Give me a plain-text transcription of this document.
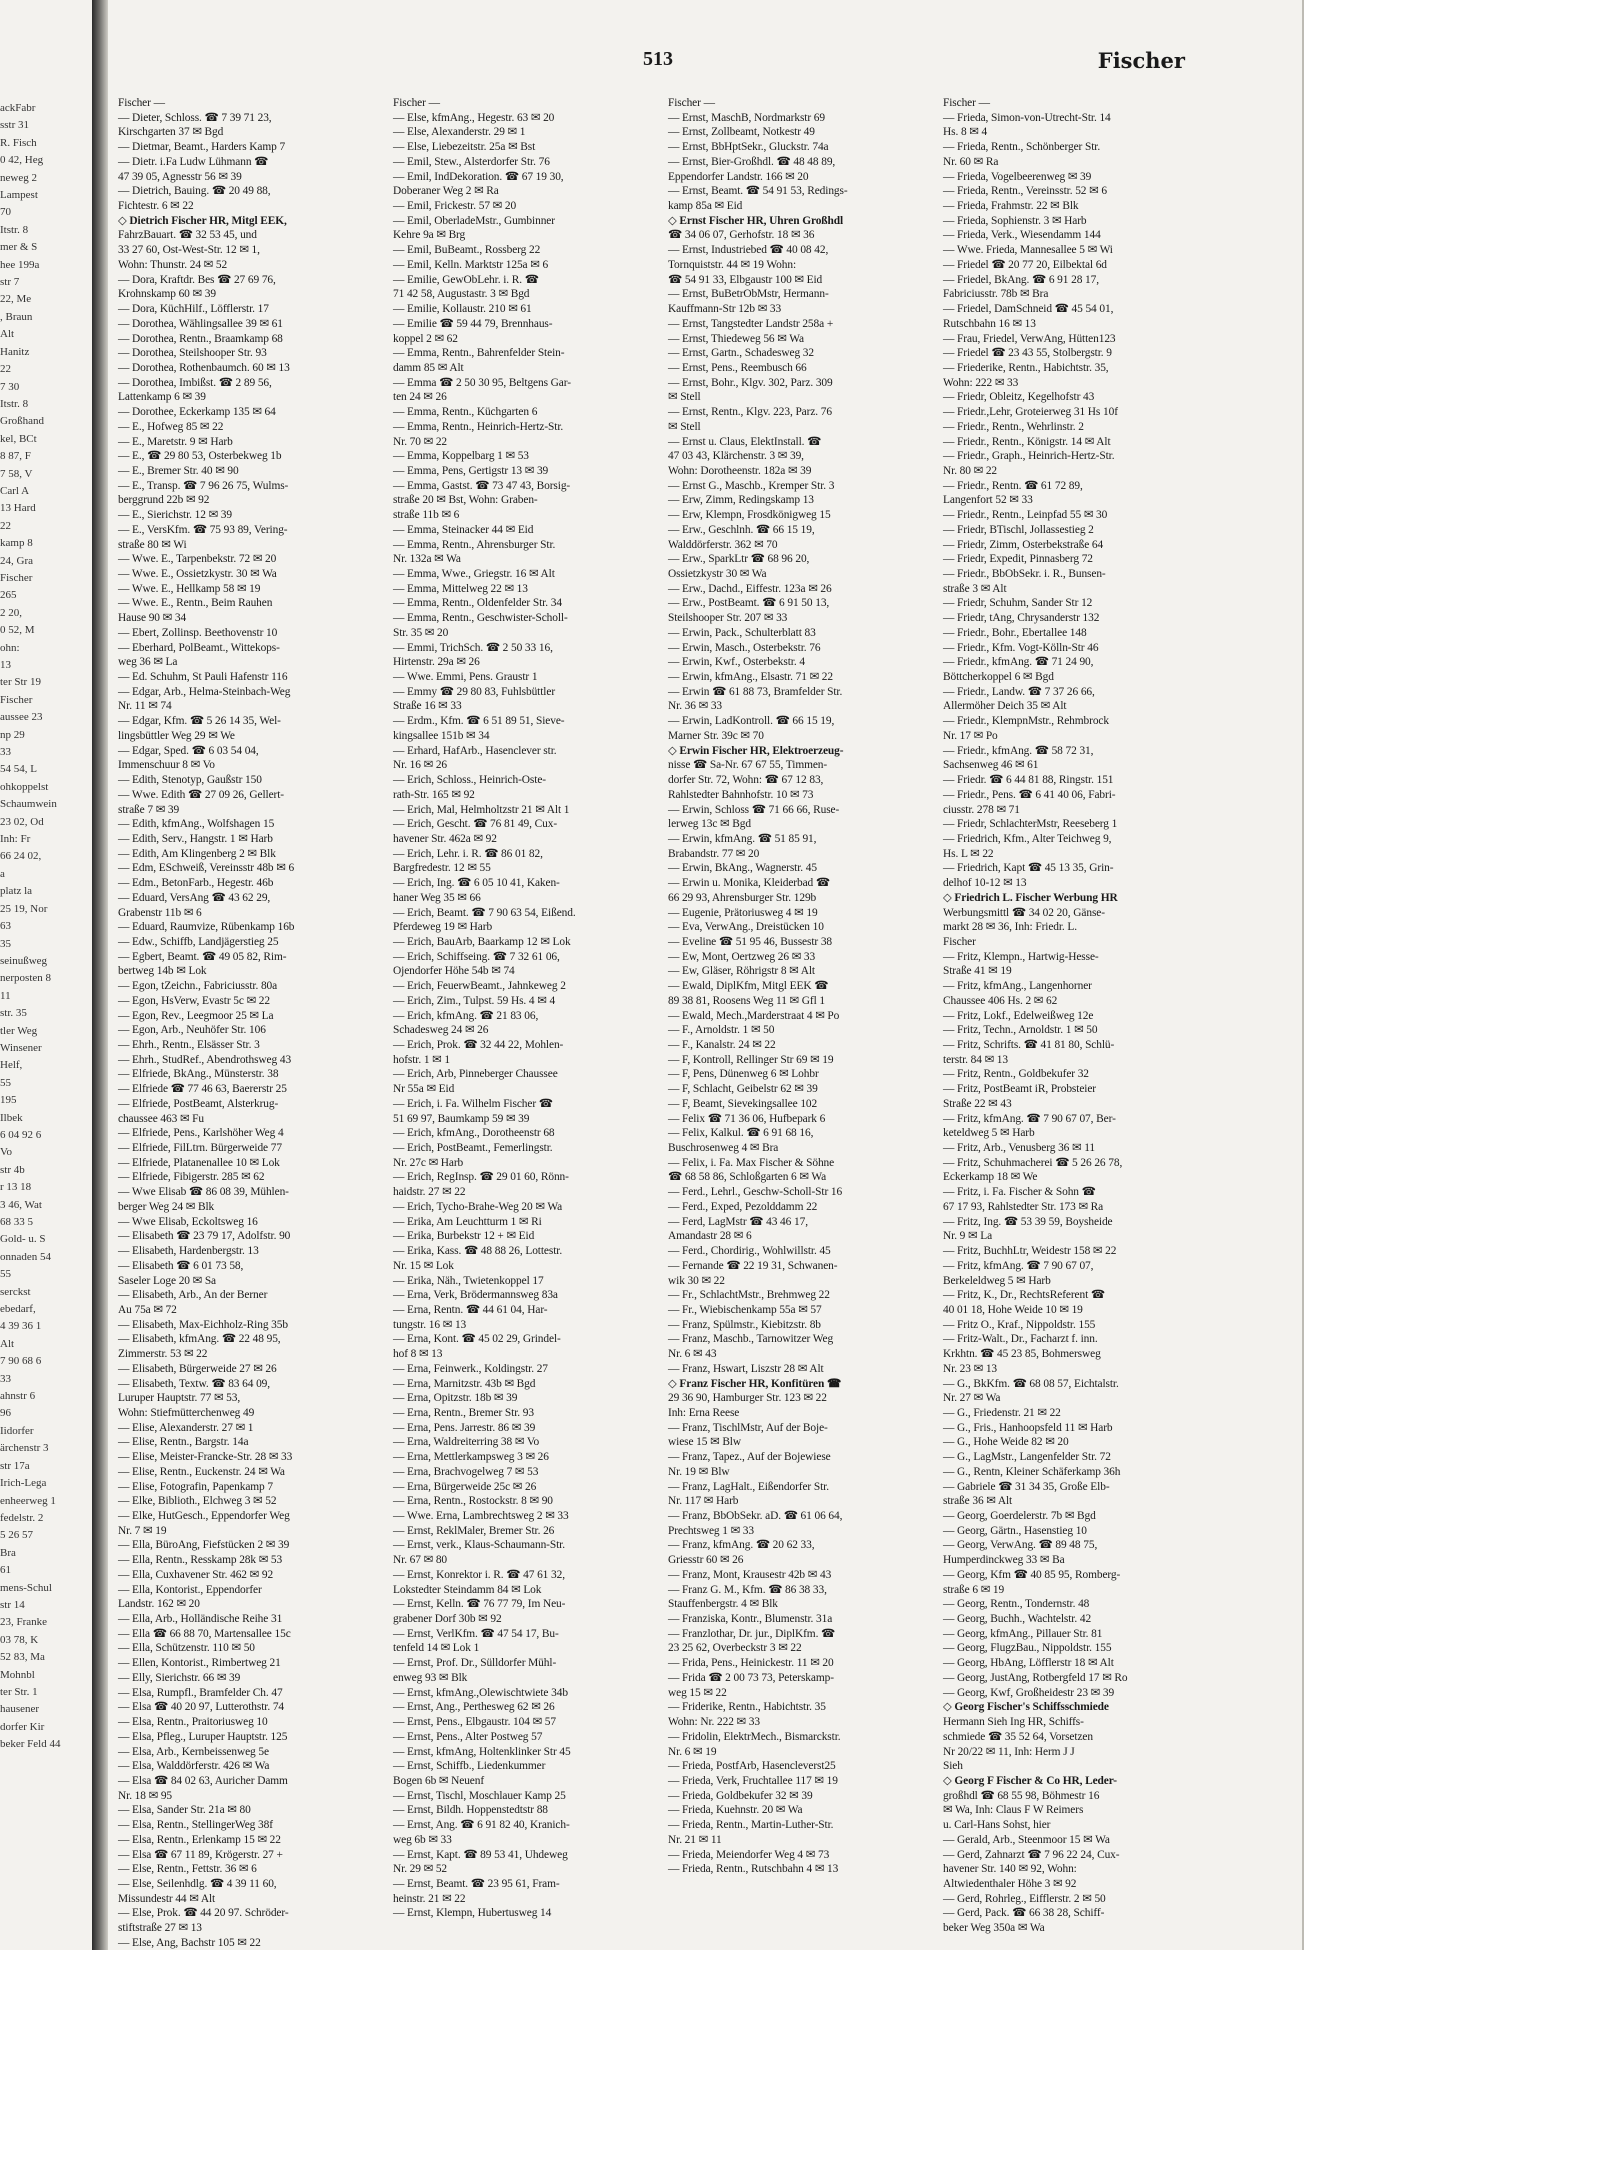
ackFabr
sstr 31
R. Fisch
0 42, Heg
neweg 2
Lampest
70
Itstr. 8
mer & S
hee 199a
str 7
22, Me
, Braun
Alt
Hanitz
22
7 30
Itstr. 8
Großhand
kel, BCt
8 87, F
7 58, V
Carl A
13 Hard
22
kamp 8
24, Gra
Fischer
265
2 20,
0 52, M
ohn:
13
ter Str 19
Fischer
aussee 23
np 29
33
54 54, L
ohkoppelst
Schaumwein
23 02, Od
Inh: Fr
66 24 02,
a
platz la
25 19, Nor
63
35
seinußweg
nerposten 8
11
str. 35
tler Weg
Winsener
Helf,
55
195
Ilbek
6 04 92 6
Vo
str 4b
r 13 18
3 46, Wat
68 33 5
Gold- u. S
onnaden 54
55
serckst
ebedarf,
4 39 36 1
Alt
7 90 68 6
33
ahnstr 6
96
Iidorfer
ärchenstr 3
str 17a
Irich-Lega
enheerweg 1
fedelstr. 2
5 26 57
Bra
61
mens-Schul
str 14
23, Franke
03 78, K
52 83, Ma
Mohnbl
ter Str. 1
hausener
dorfer Kir
beker Feld 44
513	Fischer
Fischer —
— Dieter, Schloss. ☎ 7 39 71 23,
Kirschgarten 37 ✉ Bgd
— Dietmar, Beamt., Harders Kamp 7
— Dietr. i.Fa Ludw Lühmann ☎
47 39 05, Agnesstr 56 ✉ 39
— Dietrich, Bauing. ☎ 20 49 88,
Fichtestr. 6 ✉ 22
◇ Dietrich Fischer HR, Mitgl EEK,
FahrzBauart. ☎ 32 53 45, und
33 27 60, Ost-West-Str. 12 ✉ 1,
Wohn: Thunstr. 24 ✉ 52
— Dora, Kraftdr. Bes ☎ 27 69 76,
Krohnskamp 60 ✉ 39
— Dora, KüchHilf., Löfflerstr. 17
— Dorothea, Wählingsallee 39 ✉ 61
— Dorothea, Rentn., Braamkamp 68
— Dorothea, Steilshooper Str. 93
— Dorothea, Rothenbaumch. 60 ✉ 13
— Dorothea, Imbißst. ☎ 2 89 56,
Lattenkamp 6 ✉ 39
— Dorothee, Eckerkamp 135 ✉ 64
— E., Hofweg 85 ✉ 22
— E., Maretstr. 9 ✉ Harb
— E., ☎ 29 80 53, Osterbekweg 1b
— E., Bremer Str. 40 ✉ 90
— E., Transp. ☎ 7 96 26 75, Wulms-
berggrund 22b ✉ 92
— E., Sierichstr. 12 ✉ 39
— E., VersKfm. ☎ 75 93 89, Vering-
straße 80 ✉ Wi
— Wwe. E., Tarpenbekstr. 72 ✉ 20
— Wwe. E., Ossietzkystr. 30 ✉ Wa
— Wwe. E., Hellkamp 58 ✉ 19
— Wwe. E., Rentn., Beim Rauhen
Hause 90 ✉ 34
— Ebert, Zollinsp. Beethovenstr 10
— Eberhard, PolBeamt., Wittekops-
weg 36 ✉ La
— Ed. Schuhm, St Pauli Hafenstr 116
— Edgar, Arb., Helma-Steinbach-Weg
Nr. 11 ✉ 74
— Edgar, Kfm. ☎ 5 26 14 35, Wel-
lingsbüttler Weg 29 ✉ We
— Edgar, Sped. ☎ 6 03 54 04,
Immenschuur 8 ✉ Vo
— Edith, Stenotyp, Gaußstr 150
— Wwe. Edith ☎ 27 09 26, Gellert-
straße 7 ✉ 39
— Edith, kfmAng., Wolfshagen 15
— Edith, Serv., Hangstr. 1 ✉ Harb
— Edith, Am Klingenberg 2 ✉ Blk
— Edm, ESchweiß, Vereinsstr 48b ✉ 6
— Edm., BetonFarb., Hegestr. 46b
— Eduard, VersAng ☎ 43 62 29,
Grabenstr 11b ✉ 6
— Eduard, Raumvize, Rübenkamp 16b
— Edw., Schiffb, Landjägerstieg 25
— Egbert, Beamt. ☎ 49 05 82, Rim-
bertweg 14b ✉ Lok
— Egon, tZeichn., Fabriciusstr. 80a
— Egon, HsVerw, Evastr 5c ✉ 22
— Egon, Rev., Leegmoor 25 ✉ La
— Egon, Arb., Neuhöfer Str. 106
— Ehrh., Rentn., Elsässer Str. 3
— Ehrh., StudRef., Abendrothsweg 43
— Elfriede, BkAng., Münsterstr. 38
— Elfriede ☎ 77 46 63, Baererstr 25
— Elfriede, PostBeamt, Alsterkrug-
chaussee 463 ✉ Fu
— Elfriede, Pens., Karlshöher Weg 4
— Elfriede, FilLtrn. Bürgerweide 77
— Elfriede, Platanenallee 10 ✉ Lok
— Elfriede, Fibigerstr. 285 ✉ 62
— Wwe Elisab ☎ 86 08 39, Mühlen-
berger Weg 24 ✉ Blk
— Wwe Elisab, Eckoltsweg 16
— Elisabeth ☎ 23 79 17, Adolfstr. 90
— Elisabeth, Hardenbergstr. 13
— Elisabeth ☎ 6 01 73 58,
Saseler Loge 20 ✉ Sa
— Elisabeth, Arb., An der Berner
Au 75a ✉ 72
— Elisabeth, Max-Eichholz-Ring 35b
— Elisabeth, kfmAng. ☎ 22 48 95,
Zimmerstr. 53 ✉ 22
— Elisabeth, Bürgerweide 27 ✉ 26
— Elisabeth, Textw. ☎ 83 64 09,
Luruper Hauptstr. 77 ✉ 53,
Wohn: Stiefmütterchenweg 49
— Elise, Alexanderstr. 27 ✉ 1
— Elise, Rentn., Bargstr. 14a
— Elise, Meister-Francke-Str. 28 ✉ 33
— Elise, Rentn., Euckenstr. 24 ✉ Wa
— Elise, Fotografin, Papenkamp 7
— Elke, Biblioth., Elchweg 3 ✉ 52
— Elke, HutGesch., Eppendorfer Weg
Nr. 7 ✉ 19
— Ella, BüroAng, Fiefstücken 2 ✉ 39
— Ella, Rentn., Resskamp 28k ✉ 53
— Ella, Cuxhavener Str. 462 ✉ 92
— Ella, Kontorist., Eppendorfer
Landstr. 162 ✉ 20
— Ella, Arb., Holländische Reihe 31
— Ella ☎ 66 88 70, Martensallee 15c
— Ella, Schützenstr. 110 ✉ 50
— Ellen, Kontorist., Rimbertweg 21
— Elly, Sierichstr. 66 ✉ 39
— Elsa, Rumpfl., Bramfelder Ch. 47
— Elsa ☎ 40 20 97, Lutterothstr. 74
— Elsa, Rentn., Praitoriusweg 10
— Elsa, Pfleg., Luruper Hauptstr. 125
— Elsa, Arb., Kernbeissenweg 5e
— Elsa, Walddörferstr. 426 ✉ Wa
— Elsa ☎ 84 02 63, Auricher Damm
Nr. 18 ✉ 95
— Elsa, Sander Str. 21a ✉ 80
— Elsa, Rentn., StellingerWeg 38f
— Elsa, Rentn., Erlenkamp 15 ✉ 22
— Elsa ☎ 67 11 89, Krögerstr. 27 +
— Else, Rentn., Fettstr. 36 ✉ 6
— Else, Seilenhdlg. ☎ 4 39 11 60,
Missundestr 44 ✉ Alt
— Else, Prok. ☎ 44 20 97. Schröder-
stiftstraße 27 ✉ 13
— Else, Ang, Bachstr 105 ✉ 22
Fischer —
— Else, kfmAng., Hegestr. 63 ✉ 20
— Else, Alexanderstr. 29 ✉ 1
— Else, Liebezeitstr. 25a ✉ Bst
— Emil, Stew., Alsterdorfer Str. 76
— Emil, IndDekoration. ☎ 67 19 30,
Doberaner Weg 2 ✉ Ra
— Emil, Frickestr. 57 ✉ 20
— Emil, OberladeMstr., Gumbinner
Kehre 9a ✉ Brg
— Emil, BuBeamt., Rossberg 22
— Emil, Kelln. Marktstr 125a ✉ 6
— Emilie, GewObLehr. i. R. ☎
71 42 58, Augustastr. 3 ✉ Bgd
— Emilie, Kollaustr. 210 ✉ 61
— Emilie ☎ 59 44 79, Brennhaus-
koppel 2 ✉ 62
— Emma, Rentn., Bahrenfelder Stein-
damm 85 ✉ Alt
— Emma ☎ 2 50 30 95, Beltgens Gar-
ten 24 ✉ 26
— Emma, Rentn., Küchgarten 6
— Emma, Rentn., Heinrich-Hertz-Str.
Nr. 70 ✉ 22
— Emma, Koppelbarg 1 ✉ 53
— Emma, Pens, Gertigstr 13 ✉ 39
— Emma, Gastst. ☎ 73 47 43, Borsig-
straße 20 ✉ Bst, Wohn: Graben-
straße 11b ✉ 6
— Emma, Steinacker 44 ✉ Eid
— Emma, Rentn., Ahrensburger Str.
Nr. 132a ✉ Wa
— Emma, Wwe., Griegstr. 16 ✉ Alt
— Emma, Mittelweg 22 ✉ 13
— Emma, Rentn., Oldenfelder Str. 34
— Emma, Rentn., Geschwister-Scholl-
Str. 35 ✉ 20
— Emmi, TrichSch. ☎ 2 50 33 16,
Hirtenstr. 29a ✉ 26
— Wwe. Emmi, Pens. Graustr 1
— Emmy ☎ 29 80 83, Fuhlsbüttler
Straße 16 ✉ 33
— Erdm., Kfm. ☎ 6 51 89 51, Sieve-
kingsallee 151b ✉ 34
— Erhard, HafArb., Hasenclever str.
Nr. 16 ✉ 26
— Erich, Schloss., Heinrich-Oste-
rath-Str. 165 ✉ 92
— Erich, Mal, Helmholtzstr 21 ✉ Alt 1
— Erich, Gescht. ☎ 76 81 49, Cux-
havener Str. 462a ✉ 92
— Erich, Lehr. i. R. ☎ 86 01 82,
Bargfredestr. 12 ✉ 55
— Erich, Ing. ☎ 6 05 10 41, Kaken-
haner Weg 35 ✉ 66
— Erich, Beamt. ☎ 7 90 63 54, Eißend.
Pferdeweg 19 ✉ Harb
— Erich, BauArb, Baarkamp 12 ✉ Lok
— Erich, Schiffseing. ☎ 7 32 61 06,
Ojendorfer Höhe 54b ✉ 74
— Erich, FeuerwBeamt., Jahnkeweg 2
— Erich, Zim., Tulpst. 59 Hs. 4 ✉ 4
— Erich, kfmAng. ☎ 21 83 06,
Schadesweg 24 ✉ 26
— Erich, Prok. ☎ 32 44 22, Mohlen-
hofstr. 1 ✉ 1
— Erich, Arb, Pinneberger Chaussee
Nr 55a ✉ Eid
— Erich, i. Fa. Wilhelm Fischer ☎
51 69 97, Baumkamp 59 ✉ 39
— Erich, kfmAng., Dorotheenstr 68
— Erich, PostBeamt., Femerlingstr.
Nr. 27c ✉ Harb
— Erich, RegInsp. ☎ 29 01 60, Rönn-
haidstr. 27 ✉ 22
— Erich, Tycho-Brahe-Weg 20 ✉ Wa
— Erika, Am Leuchtturm 1 ✉ Ri
— Erika, Burbekstr 12 + ✉ Eid
— Erika, Kass. ☎ 48 88 26, Lottestr.
Nr. 15 ✉ Lok
— Erika, Näh., Twietenkoppel 17
— Erna, Verk, Brödermannsweg 83a
— Erna, Rentn. ☎ 44 61 04, Har-
tungstr. 16 ✉ 13
— Erna, Kont. ☎ 45 02 29, Grindel-
hof 8 ✉ 13
— Erna, Feinwerk., Koldingstr. 27
— Erna, Marnitzstr. 43b ✉ Bgd
— Erna, Opitzstr. 18b ✉ 39
— Erna, Rentn., Bremer Str. 93
— Erna, Pens. Jarrestr. 86 ✉ 39
— Erna, Waldreiterring 38 ✉ Vo
— Erna, Mettlerkampsweg 3 ✉ 26
— Erna, Brachvogelweg 7 ✉ 53
— Erna, Bürgerweide 25c ✉ 26
— Erna, Rentn., Rostockstr. 8 ✉ 90
— Wwe. Erna, Lambrechtsweg 2 ✉ 33
— Ernst, ReklMaler, Bremer Str. 26
— Ernst, verk., Klaus-Schaumann-Str.
Nr. 67 ✉ 80
— Ernst, Konrektor i. R. ☎ 47 61 32,
Lokstedter Steindamm 84 ✉ Lok
— Ernst, Kelln. ☎ 76 77 79, Im Neu-
grabener Dorf 30b ✉ 92
— Ernst, VerlKfm. ☎ 47 54 17, Bu-
tenfeld 14 ✉ Lok 1
— Ernst, Prof. Dr., Sülldorfer Mühl-
enweg 93 ✉ Blk
— Ernst, kfmAng.,Olewischtwiete 34b
— Ernst, Ang., Perthesweg 62 ✉ 26
— Ernst, Pens., Elbgaustr. 104 ✉ 57
— Ernst, Pens., Alter Postweg 57
— Ernst, kfmAng, Holtenklinker Str 45
— Ernst, Schiffb., Liedenkummer
Bogen 6b ✉ Neuenf
— Ernst, Tischl, Moschlauer Kamp 25
— Ernst, Bildh. Hoppenstedtstr 88
— Ernst, Ang. ☎ 6 91 82 40, Kranich-
weg 6b ✉ 33
— Ernst, Kapt. ☎ 89 53 41, Uhdeweg
Nr. 29 ✉ 52
— Ernst, Beamt. ☎ 23 95 61, Fram-
heinstr. 21 ✉ 22
— Ernst, Klempn, Hubertusweg 14
Fischer —
— Ernst, MaschB, Nordmarkstr 69
— Ernst, Zollbeamt, Notkestr 49
— Ernst, BbHptSekr., Gluckstr. 74a
— Ernst, Bier-Großhdl. ☎ 48 48 89,
Eppendorfer Landstr. 166 ✉ 20
— Ernst, Beamt. ☎ 54 91 53, Redings-
kamp 85a ✉ Eid
◇ Ernst Fischer HR, Uhren Großhdl
☎ 34 06 07, Gerhofstr. 18 ✉ 36
— Ernst, Industriebed ☎ 40 08 42,
Tornquiststr. 44 ✉ 19 Wohn:
☎ 54 91 33, Elbgaustr 100 ✉ Eid
— Ernst, BuBetrObMstr, Hermann-
Kauffmann-Str 12b ✉ 33
— Ernst, Tangstedter Landstr 258a +
— Ernst, Thiedeweg 56 ✉ Wa
— Ernst, Gartn., Schadesweg 32
— Ernst, Pens., Reembusch 66
— Ernst, Bohr., Klgv. 302, Parz. 309
✉ Stell
— Ernst, Rentn., Klgv. 223, Parz. 76
✉ Stell
— Ernst u. Claus, ElektInstall. ☎
47 03 43, Klärchenstr. 3 ✉ 39,
Wohn: Dorotheenstr. 182a ✉ 39
— Ernst G., Maschb., Kremper Str. 3
— Erw, Zimm, Redingskamp 13
— Erw, Klempn, Frosdkönigweg 15
— Erw., Geschlnh. ☎ 66 15 19,
Walddörferstr. 362 ✉ 70
— Erw., SparkLtr ☎ 68 96 20,
Ossietzkystr 30 ✉ Wa
— Erw., Dachd., Eiffestr. 123a ✉ 26
— Erw., PostBeamt. ☎ 6 91 50 13,
Steilshooper Str. 207 ✉ 33
— Erwin, Pack., Schulterblatt 83
— Erwin, Masch., Osterbekstr. 76
— Erwin, Kwf., Osterbekstr. 4
— Erwin, kfmAng., Elsastr. 71 ✉ 22
— Erwin ☎ 61 88 73, Bramfelder Str.
Nr. 36 ✉ 33
— Erwin, LadKontroll. ☎ 66 15 19,
Marner Str. 39c ✉ 70
◇ Erwin Fischer HR, Elektroerzeug-
nisse ☎ Sa-Nr. 67 67 55, Timmen-
dorfer Str. 72, Wohn: ☎ 67 12 83,
Rahlstedter Bahnhofstr. 10 ✉ 73
— Erwin, Schloss ☎ 71 66 66, Ruse-
lerweg 13c ✉ Bgd
— Erwin, kfmAng. ☎ 51 85 91,
Brabandstr. 77 ✉ 20
— Erwin, BkAng., Wagnerstr. 45
— Erwin u. Monika, Kleiderbad ☎
66 29 93, Ahrensburger Str. 129b
— Eugenie, Prätoriusweg 4 ✉ 19
— Eva, VerwAng., Dreistücken 10
— Eveline ☎ 51 95 46, Bussestr 38
— Ew, Mont, Oertzweg 26 ✉ 33
— Ew, Gläser, Röhrigstr 8 ✉ Alt
— Ewald, DiplKfm, Mitgl EEK ☎
89 38 81, Roosens Weg 11 ✉ Gfl 1
— Ewald, Mech.,Marderstraat 4 ✉ Po
— F., Arnoldstr. 1 ✉ 50
— F., Kanalstr. 24 ✉ 22
— F, Kontroll, Rellinger Str 69 ✉ 19
— F, Pens, Dünenweg 6 ✉ Lohbr
— F, Schlacht, Geibelstr 62 ✉ 39
— F, Beamt, Sievekingsallee 102
— Felix ☎ 71 36 06, Hufbepark 6
— Felix, Kalkul. ☎ 6 91 68 16,
Buschrosenweg 4 ✉ Bra
— Felix, i. Fa. Max Fischer & Söhne
☎ 68 58 86, Schloßgarten 6 ✉ Wa
— Ferd., Lehrl., Geschw-Scholl-Str 16
— Ferd., Exped, Pezolddamm 22
— Ferd, LagMstr ☎ 43 46 17,
Amandastr 28 ✉ 6
— Ferd., Chordirig., Wohlwillstr. 45
— Fernande ☎ 22 19 31, Schwanen-
wik 30 ✉ 22
— Fr., SchlachtMstr., Brehmweg 22
— Fr., Wiebischenkamp 55a ✉ 57
— Franz, Spülmstr., Kiebitzstr. 8b
— Franz, Maschb., Tarnowitzer Weg
Nr. 6 ✉ 43
— Franz, Hswart, Liszstr 28 ✉ Alt
◇ Franz Fischer HR, Konfitüren ☎
29 36 90, Hamburger Str. 123 ✉ 22
Inh: Erna Reese
— Franz, TischlMstr, Auf der Boje-
wiese 15 ✉ Blw
— Franz, Tapez., Auf der Bojewiese
Nr. 19 ✉ Blw
— Franz, LagHalt., Eißendorfer Str.
Nr. 117 ✉ Harb
— Franz, BbObSekr. aD. ☎ 61 06 64,
Prechtsweg 1 ✉ 33
— Franz, kfmAng. ☎ 20 62 33,
Griesstr 60 ✉ 26
— Franz, Mont, Krausestr 42b ✉ 43
— Franz G. M., Kfm. ☎ 86 38 33,
Stauffenbergstr. 4 ✉ Blk
— Franziska, Kontr., Blumenstr. 31a
— Franzlothar, Dr. jur., DiplKfm. ☎
23 25 62, Overbeckstr 3 ✉ 22
— Frida, Pens., Heinickestr. 11 ✉ 20
— Frida ☎ 2 00 73 73, Peterskamp-
weg 15 ✉ 22
— Friderike, Rentn., Habichtstr. 35
Wohn: Nr. 222 ✉ 33
— Fridolin, ElektrMech., Bismarckstr.
Nr. 6 ✉ 19
— Frieda, PostfArb, Hasencleverst25
— Frieda, Verk, Fruchtallee 117 ✉ 19
— Frieda, Goldbekufer 32 ✉ 39
— Frieda, Kuehnstr. 20 ✉ Wa
— Frieda, Rentn., Martin-Luther-Str.
Nr. 21 ✉ 11
— Frieda, Meiendorfer Weg 4 ✉ 73
— Frieda, Rentn., Rutschbahn 4 ✉ 13
Fischer —
— Frieda, Simon-von-Utrecht-Str. 14
Hs. 8 ✉ 4
— Frieda, Rentn., Schönberger Str.
Nr. 60 ✉ Ra
— Frieda, Vogelbeerenweg ✉ 39
— Frieda, Rentn., Vereinsstr. 52 ✉ 6
— Frieda, Frahmstr. 22 ✉ Blk
— Frieda, Sophienstr. 3 ✉ Harb
— Frieda, Verk., Wiesendamm 144
— Wwe. Frieda, Mannesallee 5 ✉ Wi
— Friedel ☎ 20 77 20, Eilbektal 6d
— Friedel, BkAng. ☎ 6 91 28 17,
Fabriciusstr. 78b ✉ Bra
— Friedel, DamSchneid ☎ 45 54 01,
Rutschbahn 16 ✉ 13
— Frau, Friedel, VerwAng, Hütten123
— Friedel ☎ 23 43 55, Stolbergstr. 9
— Friederike, Rentn., Habichtstr. 35,
Wohn: 222 ✉ 33
— Friedr, Obleitz, Kegelhofstr 43
— Friedr.,Lehr, Groteierweg 31 Hs 10f
— Friedr., Rentn., Wehrlinstr. 2
— Friedr., Rentn., Königstr. 14 ✉ Alt
— Friedr., Graph., Heinrich-Hertz-Str.
Nr. 80 ✉ 22
— Friedr., Rentn. ☎ 61 72 89,
Langenfort 52 ✉ 33
— Friedr., Rentn., Leinpfad 55 ✉ 30
— Friedr, BTischl, Jollassestieg 2
— Friedr, Zimm, Osterbekstraße 64
— Friedr, Expedit, Pinnasberg 72
— Friedr., BbObSekr. i. R., Bunsen-
straße 3 ✉ Alt
— Friedr, Schuhm, Sander Str 12
— Friedr, tAng, Chrysanderstr 132
— Friedr., Bohr., Ebertallee 148
— Friedr., Kfm. Vogt-Kölln-Str 46
— Friedr., kfmAng. ☎ 71 24 90,
Böttcherkoppel 6 ✉ Bgd
— Friedr., Landw. ☎ 7 37 26 66,
Allermöher Deich 35 ✉ Alt
— Friedr., KlempnMstr., Rehmbrock
Nr. 17 ✉ Po
— Friedr., kfmAng. ☎ 58 72 31,
Sachsenweg 46 ✉ 61
— Friedr. ☎ 6 44 81 88, Ringstr. 151
— Friedr., Pens. ☎ 6 41 40 06, Fabri-
ciusstr. 278 ✉ 71
— Friedr, SchlachterMstr, Reeseberg 1
— Friedrich, Kfm., Alter Teichweg 9,
Hs. L ✉ 22
— Friedrich, Kapt ☎ 45 13 35, Grin-
delhof 10-12 ✉ 13
◇ Friedrich L. Fischer Werbung HR
Werbungsmittl ☎ 34 02 20, Gänse-
markt 28 ✉ 36, Inh: Friedr. L.
Fischer
— Fritz, Klempn., Hartwig-Hesse-
Straße 41 ✉ 19
— Fritz, kfmAng., Langenhorner
Chaussee 406 Hs. 2 ✉ 62
— Fritz, Lokf., Edelweißweg 12e
— Fritz, Techn., Arnoldstr. 1 ✉ 50
— Fritz, Schrifts. ☎ 41 81 80, Schlü-
terstr. 84 ✉ 13
— Fritz, Rentn., Goldbekufer 32
— Fritz, PostBeamt iR, Probsteier
Straße 22 ✉ 43
— Fritz, kfmAng. ☎ 7 90 67 07, Ber-
keteldweg 5 ✉ Harb
— Fritz, Arb., Venusberg 36 ✉ 11
— Fritz, Schuhmacherei ☎ 5 26 26 78,
Eckerkamp 18 ✉ We
— Fritz, i. Fa. Fischer & Sohn ☎
67 17 93, Rahlstedter Str. 173 ✉ Ra
— Fritz, Ing. ☎ 53 39 59, Boysheide
Nr. 9 ✉ La
— Fritz, BuchhLtr, Weidestr 158 ✉ 22
— Fritz, kfmAng. ☎ 7 90 67 07,
Berkeleldweg 5 ✉ Harb
— Fritz, K., Dr., RechtsReferent ☎
40 01 18, Hohe Weide 10 ✉ 19
— Fritz O., Kraf., Nippoldstr. 155
— Fritz-Walt., Dr., Facharzt f. inn.
Krkhtn. ☎ 45 23 85, Bohmersweg
Nr. 23 ✉ 13
— G., BkKfm. ☎ 68 08 57, Eichtalstr.
Nr. 27 ✉ Wa
— G., Friedenstr. 21 ✉ 22
— G., Fris., Hanhoopsfeld 11 ✉ Harb
— G., Hohe Weide 82 ✉ 20
— G., LagMstr., Langenfelder Str. 72
— G., Rentn, Kleiner Schäferkamp 36h
— Gabriele ☎ 31 34 35, Große Elb-
straße 36 ✉ Alt
— Georg, Goerdelerstr. 7b ✉ Bgd
— Georg, Gärtn., Hasenstieg 10
— Georg, VerwAng. ☎ 89 48 75,
Humperdinckweg 33 ✉ Ba
— Georg, Kfm ☎ 40 85 95, Romberg-
straße 6 ✉ 19
— Georg, Rentn., Tondernstr. 48
— Georg, Buchh., Wachtelstr. 42
— Georg, kfmAng., Pillauer Str. 81
— Georg, FlugzBau., Nippoldstr. 155
— Georg, HbAng, Löfflerstr 18 ✉ Alt
— Georg, JustAng, Rotbergfeld 17 ✉ Ro
— Georg, Kwf, Großheidestr 23 ✉ 39
◇ Georg Fischer's Schiffsschmiede
Hermann Sieh Ing HR, Schiffs-
schmiede ☎ 35 52 64, Vorsetzen
Nr 20/22 ✉ 11, Inh: Herm J J
Sieh
◇ Georg F Fischer & Co HR, Leder-
großhdl ☎ 68 55 98, Böhmestr 16
✉ Wa, Inh: Claus F W Reimers
u. Carl-Hans Sohst, hier
— Gerald, Arb., Steenmoor 15 ✉ Wa
— Gerd, Zahnarzt ☎ 7 96 22 24, Cux-
havener Str. 140 ✉ 92, Wohn:
Altwiedenthaler Höhe 3 ✉ 92
— Gerd, Rohrleg., Eifflerstr. 2 ✉ 50
— Gerd, Pack. ☎ 66 38 28, Schiff-
beker Weg 350a ✉ Wa
